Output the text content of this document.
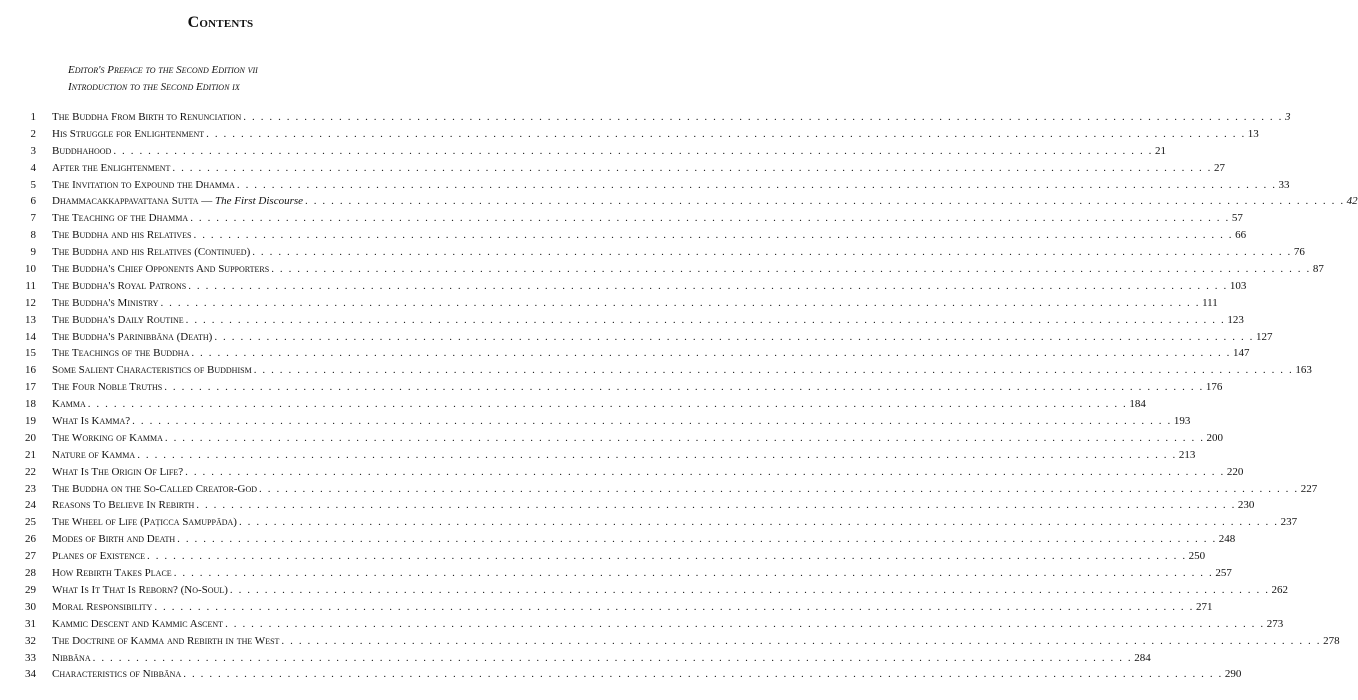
Contents
Editor's Preface to the Second Edition vii
Introduction to the Second Edition ix
1 The Buddha From Birth to Renunciation . . . . . . . . . . . . . . . . . . . . . . . . . . . . . . . . . . . . . . . . . . . . . . . . . . . . . . . . . . . . . . . . . . . . . . . . . . . . . . . . . . . . . . . . . . . . . . . . . . . . . . . . . . . . . . . . . . . . . . . . 3
2 His Struggle for Enlightenment . . . . . . . . . . . . . . . . . . . . . . . . . . . . . . . . . . . . . . . . . . . . . . . . . . . . . . . . . . . . . . . . . . . . . . . . . . . . . . . . . . . . . . . . . . . . . . . . . . . . . . . . . . . . . . . . . . . . . . . . 13
3 Buddhahood . . . . . . . . . . . . . . . . . . . . . . . . . . . . . . . . . . . . . . . . . . . . . . . . . . . . . . . . . . . . . . . . . . . . . . . . . . . . . . . . . . . . . . . . . . . . . . . . . . . . . . . . . . . . . . . . . . . . . . . . 21
4 After the Enlightenment . . . . . . . . . . . . . . . . . . . . . . . . . . . . . . . . . . . . . . . . . . . . . . . . . . . . . . . . . . . . . . . . . . . . . . . . . . . . . . . . . . . . . . . . . . . . . . . . . . . . . . . . . . . . . . . . . . . . . . . . 27
5 The Invitation to Expound the Dhamma . . . . . . . . . . . . . . . . . . . . . . . . . . . . . . . . . . . . . . . . . . . . . . . . . . . . . . . . . . . . . . . . . . . . . . . . . . . . . . . . . . . . . . . . . . . . . . . . . . . . . . . . . . . . . . . . . . . . . . . . 33
6 Dhammacakkappavattana Sutta — The First Discourse . . . . . . . . . . . . . . . . . . . . . . . . . . . . . . . . . . . . . . . . . . . . . . . . . . . . . . . . . . . . . . . . . . . . . . . . . . . . . . . . . . . . . . . . . . . . . . . . . . . . . . . . . . . . . . . . . . . . . . . . 42
7 The Teaching of the Dhamma . . . . . . . . . . . . . . . . . . . . . . . . . . . . . . . . . . . . . . . . . . . . . . . . . . . . . . . . . . . . . . . . . . . . . . . . . . . . . . . . . . . . . . . . . . . . . . . . . . . . . . . . . . . . . . . . . . . . . . . . 57
8 The Buddha and his Relatives . . . . . . . . . . . . . . . . . . . . . . . . . . . . . . . . . . . . . . . . . . . . . . . . . . . . . . . . . . . . . . . . . . . . . . . . . . . . . . . . . . . . . . . . . . . . . . . . . . . . . . . . . . . . . . . . . . . . . . . . 66
9 The Buddha and his Relatives (Continued) . . . . . . . . . . . . . . . . . . . . . . . . . . . . . . . . . . . . . . . . . . . . . . . . . . . . . . . . . . . . . . . . . . . . . . . . . . . . . . . . . . . . . . . . . . . . . . . . . . . . . . . . . . . . . . . . . . . . . . . . 76
10 The Buddha's Chief Opponents And Supporters . . . . . . . . . . . . . . . . . . . . . . . . . . . . . . . . . . . . . . . . . . . . . . . . . . . . . . . . . . . . . . . . . . . . . . . . . . . . . . . . . . . . . . . . . . . . . . . . . . . . . . . . . . . . . . . . . . . . . . . . 87
11 The Buddha's Royal Patrons . . . . . . . . . . . . . . . . . . . . . . . . . . . . . . . . . . . . . . . . . . . . . . . . . . . . . . . . . . . . . . . . . . . . . . . . . . . . . . . . . . . . . . . . . . . . . . . . . . . . . . . . . . . . . . . . . . . . . . . . 103
12 The Buddha's Ministry . . . . . . . . . . . . . . . . . . . . . . . . . . . . . . . . . . . . . . . . . . . . . . . . . . . . . . . . . . . . . . . . . . . . . . . . . . . . . . . . . . . . . . . . . . . . . . . . . . . . . . . . . . . . . . . . . . . . . . . . 111
13 The Buddha's Daily Routine . . . . . . . . . . . . . . . . . . . . . . . . . . . . . . . . . . . . . . . . . . . . . . . . . . . . . . . . . . . . . . . . . . . . . . . . . . . . . . . . . . . . . . . . . . . . . . . . . . . . . . . . . . . . . . . . . . . . . . . . 123
14 The Buddha's Parinibbāna (Death) . . . . . . . . . . . . . . . . . . . . . . . . . . . . . . . . . . . . . . . . . . . . . . . . . . . . . . . . . . . . . . . . . . . . . . . . . . . . . . . . . . . . . . . . . . . . . . . . . . . . . . . . . . . . . . . . . . . . . . . . 127
15 The Teachings of the Buddha . . . . . . . . . . . . . . . . . . . . . . . . . . . . . . . . . . . . . . . . . . . . . . . . . . . . . . . . . . . . . . . . . . . . . . . . . . . . . . . . . . . . . . . . . . . . . . . . . . . . . . . . . . . . . . . . . . . . . . . . 147
16 Some Salient Characteristics of Buddhism . . . . . . . . . . . . . . . . . . . . . . . . . . . . . . . . . . . . . . . . . . . . . . . . . . . . . . . . . . . . . . . . . . . . . . . . . . . . . . . . . . . . . . . . . . . . . . . . . . . . . . . . . . . . . . . . . . . . . . . . 163
17 The Four Noble Truths . . . . . . . . . . . . . . . . . . . . . . . . . . . . . . . . . . . . . . . . . . . . . . . . . . . . . . . . . . . . . . . . . . . . . . . . . . . . . . . . . . . . . . . . . . . . . . . . . . . . . . . . . . . . . . . . . . . . . . . . 176
18 Kamma . . . . . . . . . . . . . . . . . . . . . . . . . . . . . . . . . . . . . . . . . . . . . . . . . . . . . . . . . . . . . . . . . . . . . . . . . . . . . . . . . . . . . . . . . . . . . . . . . . . . . . . . . . . . . . . . . . . . . . . . 184
19 What Is Kamma? . . . . . . . . . . . . . . . . . . . . . . . . . . . . . . . . . . . . . . . . . . . . . . . . . . . . . . . . . . . . . . . . . . . . . . . . . . . . . . . . . . . . . . . . . . . . . . . . . . . . . . . . . . . . . . . . . . . . . . . . 193
20 The Working of Kamma . . . . . . . . . . . . . . . . . . . . . . . . . . . . . . . . . . . . . . . . . . . . . . . . . . . . . . . . . . . . . . . . . . . . . . . . . . . . . . . . . . . . . . . . . . . . . . . . . . . . . . . . . . . . . . . . . . . . . . . . 200
21 Nature of Kamma . . . . . . . . . . . . . . . . . . . . . . . . . . . . . . . . . . . . . . . . . . . . . . . . . . . . . . . . . . . . . . . . . . . . . . . . . . . . . . . . . . . . . . . . . . . . . . . . . . . . . . . . . . . . . . . . . . . . . . . . 213
22 What Is The Origin Of Life? . . . . . . . . . . . . . . . . . . . . . . . . . . . . . . . . . . . . . . . . . . . . . . . . . . . . . . . . . . . . . . . . . . . . . . . . . . . . . . . . . . . . . . . . . . . . . . . . . . . . . . . . . . . . . . . . . . . . . . . . 220
23 The Buddha on the So-Called Creator-God . . . . . . . . . . . . . . . . . . . . . . . . . . . . . . . . . . . . . . . . . . . . . . . . . . . . . . . . . . . . . . . . . . . . . . . . . . . . . . . . . . . . . . . . . . . . . . . . . . . . . . . . . . . . . . . . . . . . . . . . 227
24 Reasons To Believe In Rebirth . . . . . . . . . . . . . . . . . . . . . . . . . . . . . . . . . . . . . . . . . . . . . . . . . . . . . . . . . . . . . . . . . . . . . . . . . . . . . . . . . . . . . . . . . . . . . . . . . . . . . . . . . . . . . . . . . . . . . . . . 230
25 The Wheel of Life (Paṭicca Samuppāda) . . . . . . . . . . . . . . . . . . . . . . . . . . . . . . . . . . . . . . . . . . . . . . . . . . . . . . . . . . . . . . . . . . . . . . . . . . . . . . . . . . . . . . . . . . . . . . . . . . . . . . . . . . . . . . . . . . . . . . . . 237
26 Modes of Birth and Death . . . . . . . . . . . . . . . . . . . . . . . . . . . . . . . . . . . . . . . . . . . . . . . . . . . . . . . . . . . . . . . . . . . . . . . . . . . . . . . . . . . . . . . . . . . . . . . . . . . . . . . . . . . . . . . . . . . . . . . . 248
27 Planes of Existence . . . . . . . . . . . . . . . . . . . . . . . . . . . . . . . . . . . . . . . . . . . . . . . . . . . . . . . . . . . . . . . . . . . . . . . . . . . . . . . . . . . . . . . . . . . . . . . . . . . . . . . . . . . . . . . . . . . . . . . . 250
28 How Rebirth Takes Place . . . . . . . . . . . . . . . . . . . . . . . . . . . . . . . . . . . . . . . . . . . . . . . . . . . . . . . . . . . . . . . . . . . . . . . . . . . . . . . . . . . . . . . . . . . . . . . . . . . . . . . . . . . . . . . . . . . . . . . . 257
29 What Is It That Is Reborn? (No-Soul) . . . . . . . . . . . . . . . . . . . . . . . . . . . . . . . . . . . . . . . . . . . . . . . . . . . . . . . . . . . . . . . . . . . . . . . . . . . . . . . . . . . . . . . . . . . . . . . . . . . . . . . . . . . . . . . . . . . . . . . . 262
30 Moral Responsibility . . . . . . . . . . . . . . . . . . . . . . . . . . . . . . . . . . . . . . . . . . . . . . . . . . . . . . . . . . . . . . . . . . . . . . . . . . . . . . . . . . . . . . . . . . . . . . . . . . . . . . . . . . . . . . . . . . . . . . . . 271
31 Kammic Descent and Kammic Ascent . . . . . . . . . . . . . . . . . . . . . . . . . . . . . . . . . . . . . . . . . . . . . . . . . . . . . . . . . . . . . . . . . . . . . . . . . . . . . . . . . . . . . . . . . . . . . . . . . . . . . . . . . . . . . . . . . . . . . . . . 273
32 The Doctrine of Kamma and Rebirth in the West . . . . . . . . . . . . . . . . . . . . . . . . . . . . . . . . . . . . . . . . . . . . . . . . . . . . . . . . . . . . . . . . . . . . . . . . . . . . . . . . . . . . . . . . . . . . . . . . . . . . . . . . . . . . . . . . . . . . . . . . 278
33 Nibbāna . . . . . . . . . . . . . . . . . . . . . . . . . . . . . . . . . . . . . . . . . . . . . . . . . . . . . . . . . . . . . . . . . . . . . . . . . . . . . . . . . . . . . . . . . . . . . . . . . . . . . . . . . . . . . . . . . . . . . . . . 284
34 Characteristics of Nibbāna . . . . . . . . . . . . . . . . . . . . . . . . . . . . . . . . . . . . . . . . . . . . . . . . . . . . . . . . . . . . . . . . . . . . . . . . . . . . . . . . . . . . . . . . . . . . . . . . . . . . . . . . . . . . . . . . . . . . . . . . 290
